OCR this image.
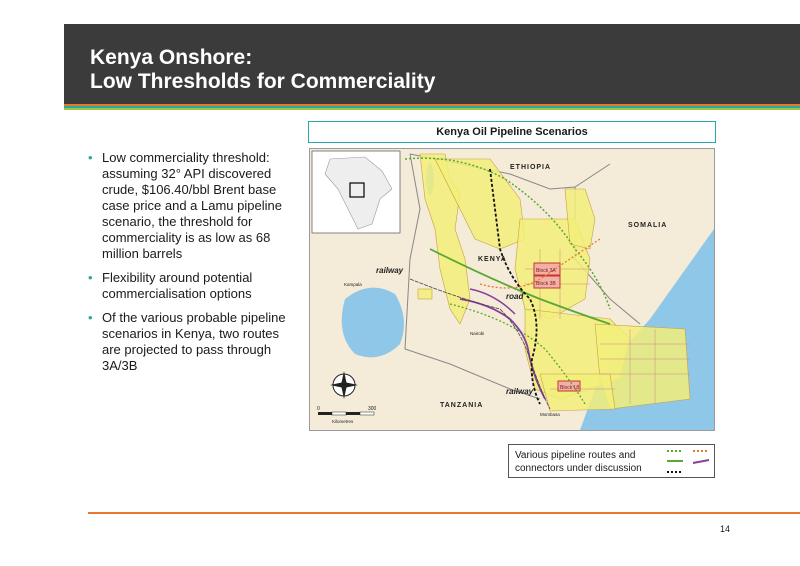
Kenya Onshore:
Low Thresholds for Commerciality
• Low commerciality threshold: assuming 32° API discovered crude, $106.40/bbl Brent base case price and a Lamu pipeline scenario, the threshold for commerciality is as low as 68 million barrels
• Flexibility around potential commercialisation options
• Of the various probable pipeline scenarios in Kenya, two routes are projected to pass through 3A/3B
Kenya Oil Pipeline Scenarios
ETHIOPIA
SOMALIA
KENYA
TANZANIA
railway
railway
road
Kampala
Nairobi
Mombasa
Block 3A
Block 3B
Block L8
0	300
Kilometres
Various pipeline routes and connectors under discussion
14
